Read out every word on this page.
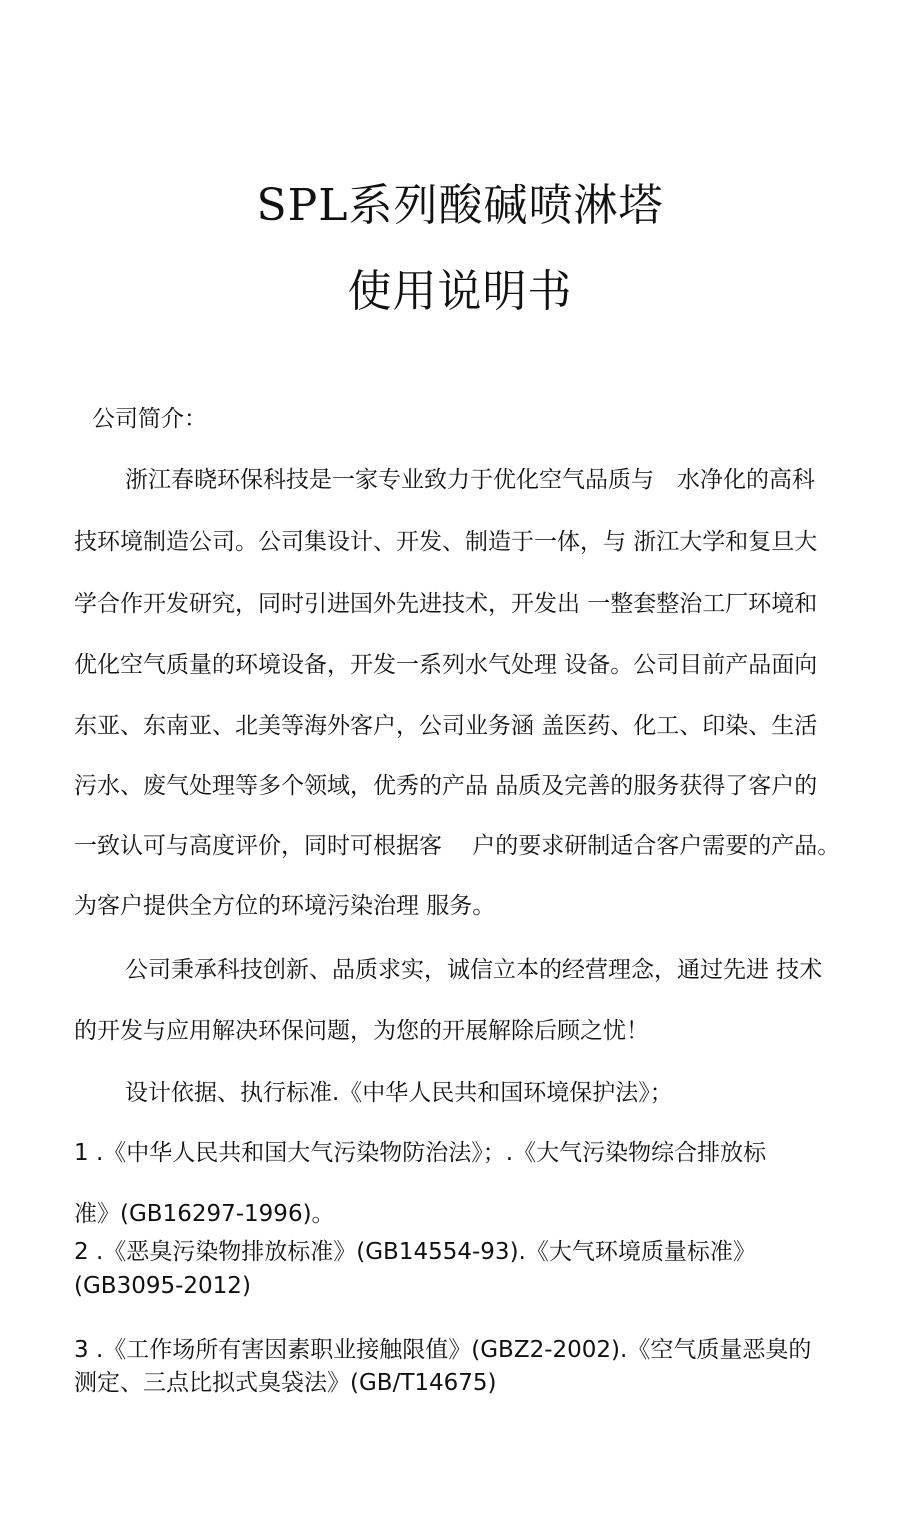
SPL系列酸碱喷淋塔
使用说明书
公司简介：
浙江春晓环保科技是一家专业致力于优化空气品质与　水净化的高科
技环境制造公司。公司集设计、开发、制造于一体，与 浙江大学和复旦大
学合作开发研究，同时引进国外先进技术，开发出 一整套整治工厂环境和
优化空气质量的环境设备，开发一系列水气处理 设备。公司目前产品面向
东亚、东南亚、北美等海外客户，公司业务涵 盖医药、化工、印染、生活
污水、废气处理等多个领域，优秀的产品 品质及完善的服务获得了客户的
一致认可与高度评价，同时可根据客　 户的要求研制适合客户需要的产品。
为客户提供全方位的环境污染治理 服务。
公司秉承科技创新、品质求实，诚信立本的经营理念，通过先进 技术
的开发与应用解决环保问题，为您的开展解除后顾之忧！
设计依据、执行标准.《中华人民共和国环境保护法》；
1 .《中华人民共和国大气污染物防治法》；.《大气污染物综合排放标
准》(GB16297-1996)。
2 .《恶臭污染物排放标准》(GB14554-93).《大气环境质量标准》
(GB3095-2012)
3 .《工作场所有害因素职业接触限值》(GBZ2-2002).《空气质量恶臭的
测定、三点比拟式臭袋法》(GB/T14675)
